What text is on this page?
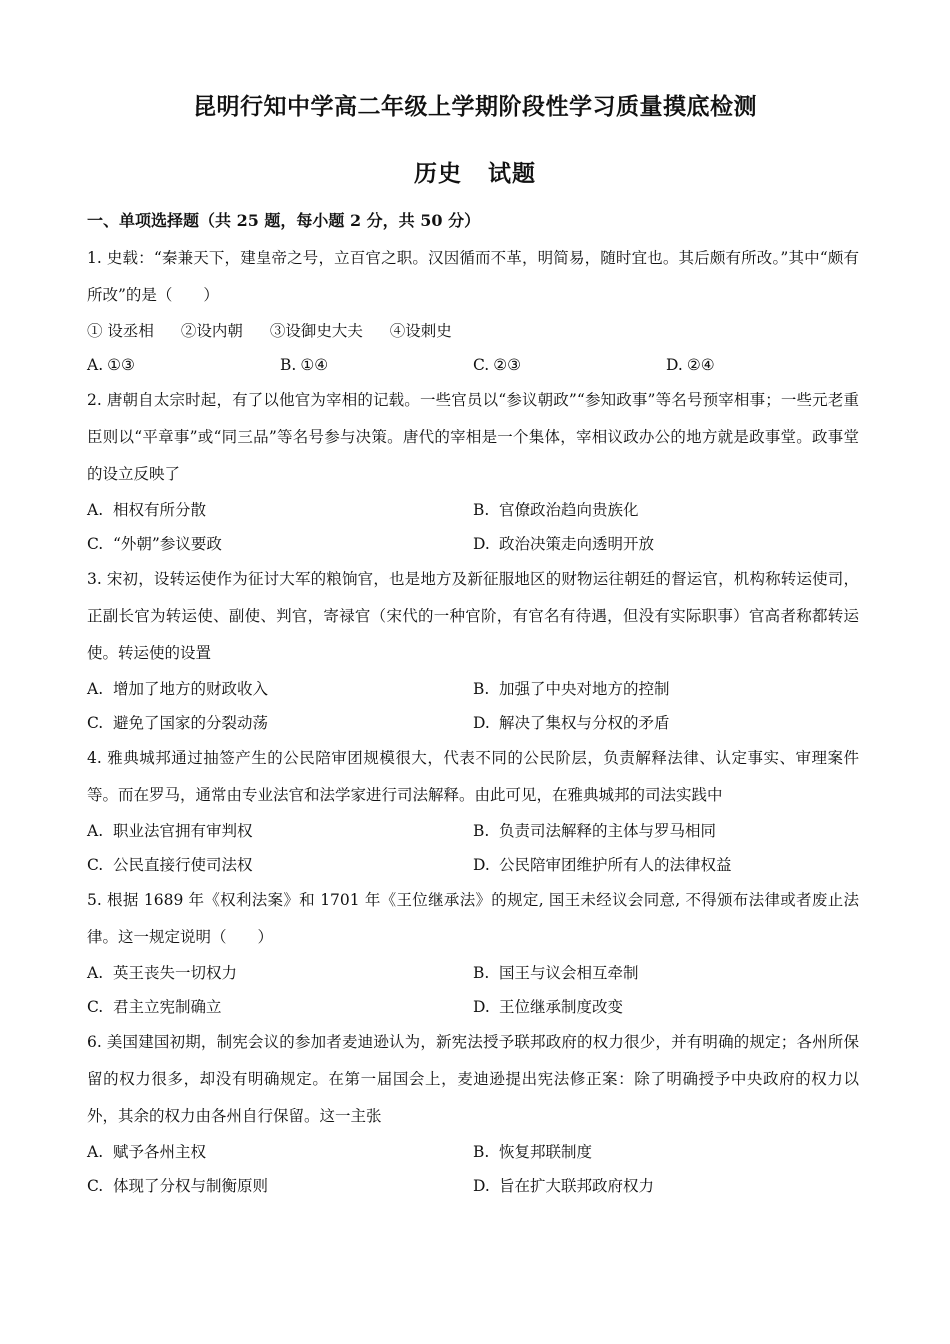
昆明行知中学高二年级上学期阶段性学习质量摸底检测
历史 试题
一、单项选择题（共 25 题，每小题 2 分，共 50 分）
1. 史载：“秦兼天下，建皇帝之号，立百官之职。汉因循而不革，明简易，随时宜也。其后颇有所改。”其中“颇有所改”的是（　　）
① 设丞相 ②设内朝 ③设御史大夫 ④设刺史
A. ①③	B. ①④	C. ②③	D. ②④
2. 唐朝自太宗时起，有了以他官为宰相的记载。一些官员以“参议朝政”“参知政事”等名号预宰相事；一些元老重臣则以“平章事”或“同三品”等名号参与决策。唐代的宰相是一个集体，宰相议政办公的地方就是政事堂。政事堂的设立反映了
A. 相权有所分散	B. 官僚政治趋向贵族化
C. “外朝”参议要政	D. 政治决策走向透明开放
3. 宋初，设转运使作为征讨大军的粮饷官，也是地方及新征服地区的财物运往朝廷的督运官，机构称转运使司，正副长官为转运使、副使、判官，寄禄官（宋代的一种官阶，有官名有待遇，但没有实际职事）官高者称都转运使。转运使的设置
A. 增加了地方的财政收入	B. 加强了中央对地方的控制
C. 避免了国家的分裂动荡	D. 解决了集权与分权的矛盾
4. 雅典城邦通过抽签产生的公民陪审团规模很大，代表不同的公民阶层，负责解释法律、认定事实、审理案件等。而在罗马，通常由专业法官和法学家进行司法解释。由此可见，在雅典城邦的司法实践中
A. 职业法官拥有审判权	B. 负责司法解释的主体与罗马相同
C. 公民直接行使司法权	D. 公民陪审团维护所有人的法律权益
5. 根据 1689 年《权利法案》和 1701 年《王位继承法》的规定, 国王未经议会同意, 不得颁布法律或者废止法律。这一规定说明（　　）
A. 英王丧失一切权力	B. 国王与议会相互牵制
C. 君主立宪制确立	D. 王位继承制度改变
6. 美国建国初期，制宪会议的参加者麦迪逊认为，新宪法授予联邦政府的权力很少，并有明确的规定；各州所保留的权力很多，却没有明确规定。在第一届国会上，麦迪逊提出宪法修正案：除了明确授予中央政府的权力以外，其余的权力由各州自行保留。这一主张
A. 赋予各州主权	B. 恢复邦联制度
C. 体现了分权与制衡原则	D. 旨在扩大联邦政府权力
